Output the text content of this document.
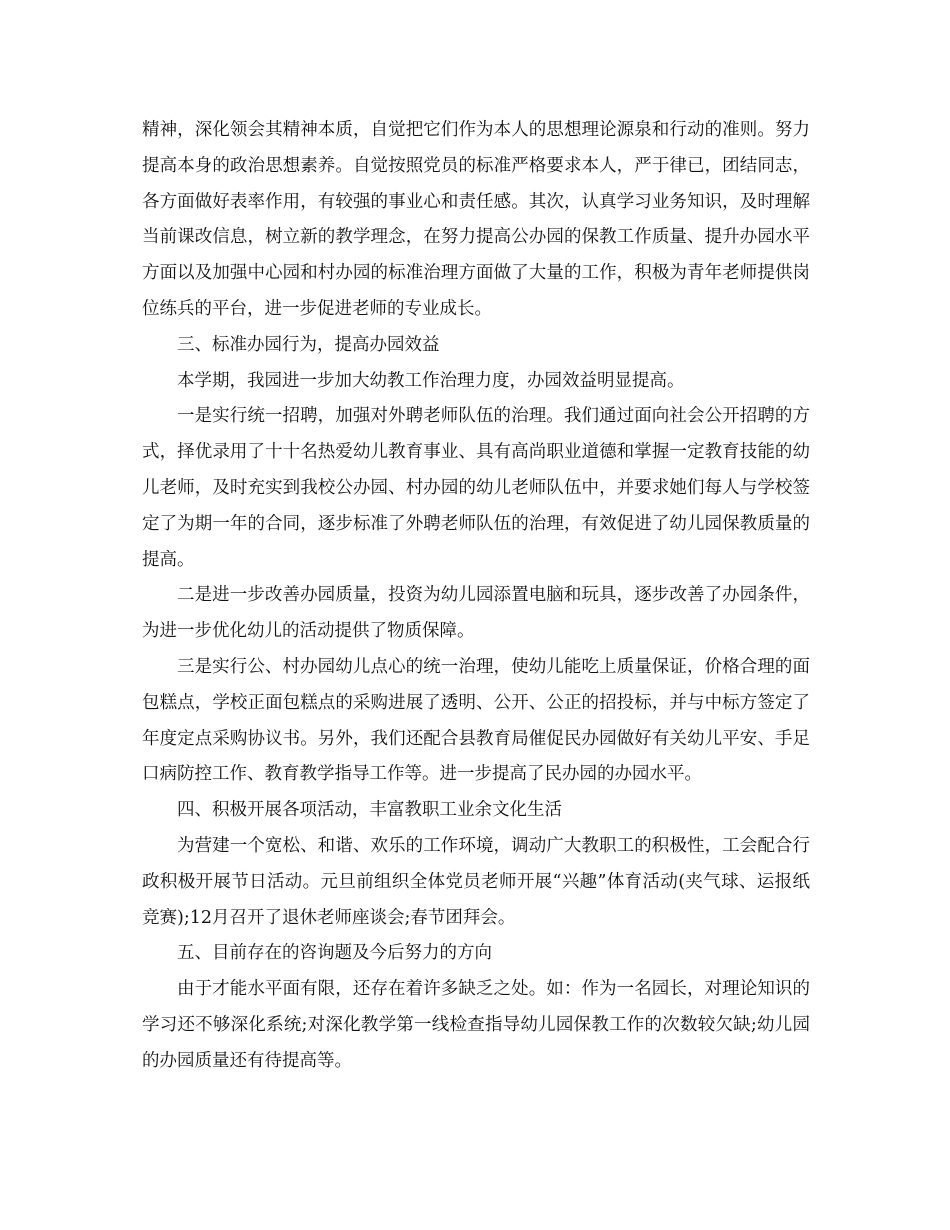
精神，深化领会其精神本质，自觉把它们作为本人的思想理论源泉和行动的准则。努力提高本身的政治思想素养。自觉按照党员的标准严格要求本人，严于律已，团结同志，各方面做好表率作用，有较强的事业心和责任感。其次，认真学习业务知识，及时理解当前课改信息，树立新的教学理念，在努力提高公办园的保教工作质量、提升办园水平方面以及加强中心园和村办园的标准治理方面做了大量的工作，积极为青年老师提供岗位练兵的平台，进一步促进老师的专业成长。

三、标准办园行为，提高办园效益

本学期，我园进一步加大幼教工作治理力度，办园效益明显提高。

一是实行统一招聘，加强对外聘老师队伍的治理。我们通过面向社会公开招聘的方式，择优录用了十十名热爱幼儿教育事业、具有高尚职业道德和掌握一定教育技能的幼儿老师，及时充实到我校公办园、村办园的幼儿老师队伍中，并要求她们每人与学校签定了为期一年的合同，逐步标准了外聘老师队伍的治理，有效促进了幼儿园保教质量的提高。

二是进一步改善办园质量，投资为幼儿园添置电脑和玩具，逐步改善了办园条件，为进一步优化幼儿的活动提供了物质保障。

三是实行公、村办园幼儿点心的统一治理，使幼儿能吃上质量保证，价格合理的面包糕点，学校正面包糕点的采购进展了透明、公开、公正的招投标，并与中标方签定了年度定点采购协议书。另外，我们还配合县教育局催促民办园做好有关幼儿平安、手足口病防控工作、教育教学指导工作等。进一步提高了民办园的办园水平。

四、积极开展各项活动，丰富教职工业余文化生活

为营建一个宽松、和谐、欢乐的工作环境，调动广大教职工的积极性，工会配合行政积极开展节日活动。元旦前组织全体党员老师开展“兴趣”体育活动(夹气球、运报纸竞赛);12月召开了退休老师座谈会;春节团拜会。

五、目前存在的咨询题及今后努力的方向

由于才能水平面有限，还存在着许多缺乏之处。如：作为一名园长，对理论知识的学习还不够深化系统;对深化教学第一线检查指导幼儿园保教工作的次数较欠缺;幼儿园的办园质量还有待提高等。
